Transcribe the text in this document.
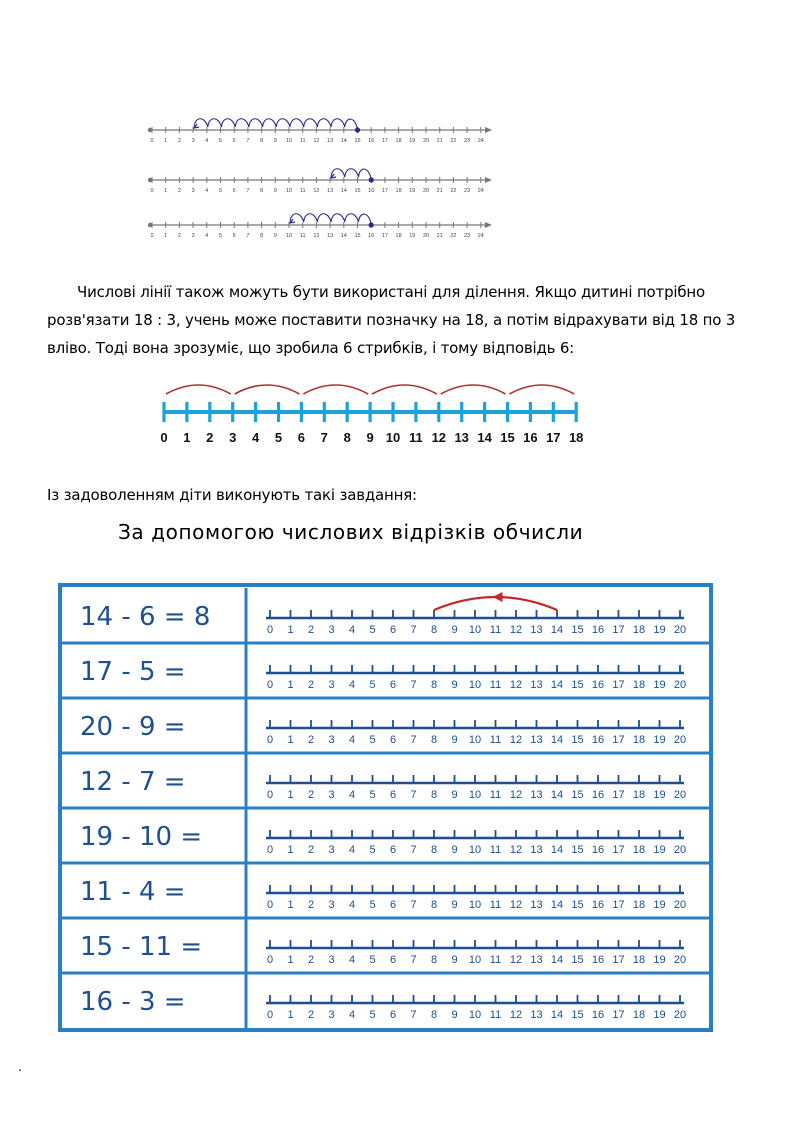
0 1 2 3 4 5 6 7 8 9 10 11 12 13 14 15 16 17 18 19 20 21 22 23 24
0 1 2 3 4 5 6 7 8 9 10 11 12 13 14 15 16 17 18 19 20 21 22 23 24
0 1 2 3 4 5 6 7 8 9 10 11 12 13 14 15 16 17 18 19 20 21 22 23 24
Числові лінії також можуть бути використані для ділення. Якщо дитині потрібно
розв'язати 18 : 3, учень може поставити позначку на 18, а потім відрахувати від 18 по 3
вліво. Тоді вона зрозуміє, що зробила 6 стрибків, і тому відповідь 6:
0 1 2 3 4 5 6 7 8 9 10 11 12 13 14 15 16 17 18
Із задоволенням діти виконують такі завдання:
За допомогою числових відрізків обчисли
14 - 6 = 8	0 1 2 3 4 5 6 7 8 9 10 11 12 13 14 15 16 17 18 19 20
17 - 5 =	0 1 2 3 4 5 6 7 8 9 10 11 12 13 14 15 16 17 18 19 20
20 - 9 =	0 1 2 3 4 5 6 7 8 9 10 11 12 13 14 15 16 17 18 19 20
12 - 7 =	0 1 2 3 4 5 6 7 8 9 10 11 12 13 14 15 16 17 18 19 20
19 - 10 =	0 1 2 3 4 5 6 7 8 9 10 11 12 13 14 15 16 17 18 19 20
11 - 4 =	0 1 2 3 4 5 6 7 8 9 10 11 12 13 14 15 16 17 18 19 20
15 - 11 =	0 1 2 3 4 5 6 7 8 9 10 11 12 13 14 15 16 17 18 19 20
16 - 3 =	0 1 2 3 4 5 6 7 8 9 10 11 12 13 14 15 16 17 18 19 20
.
